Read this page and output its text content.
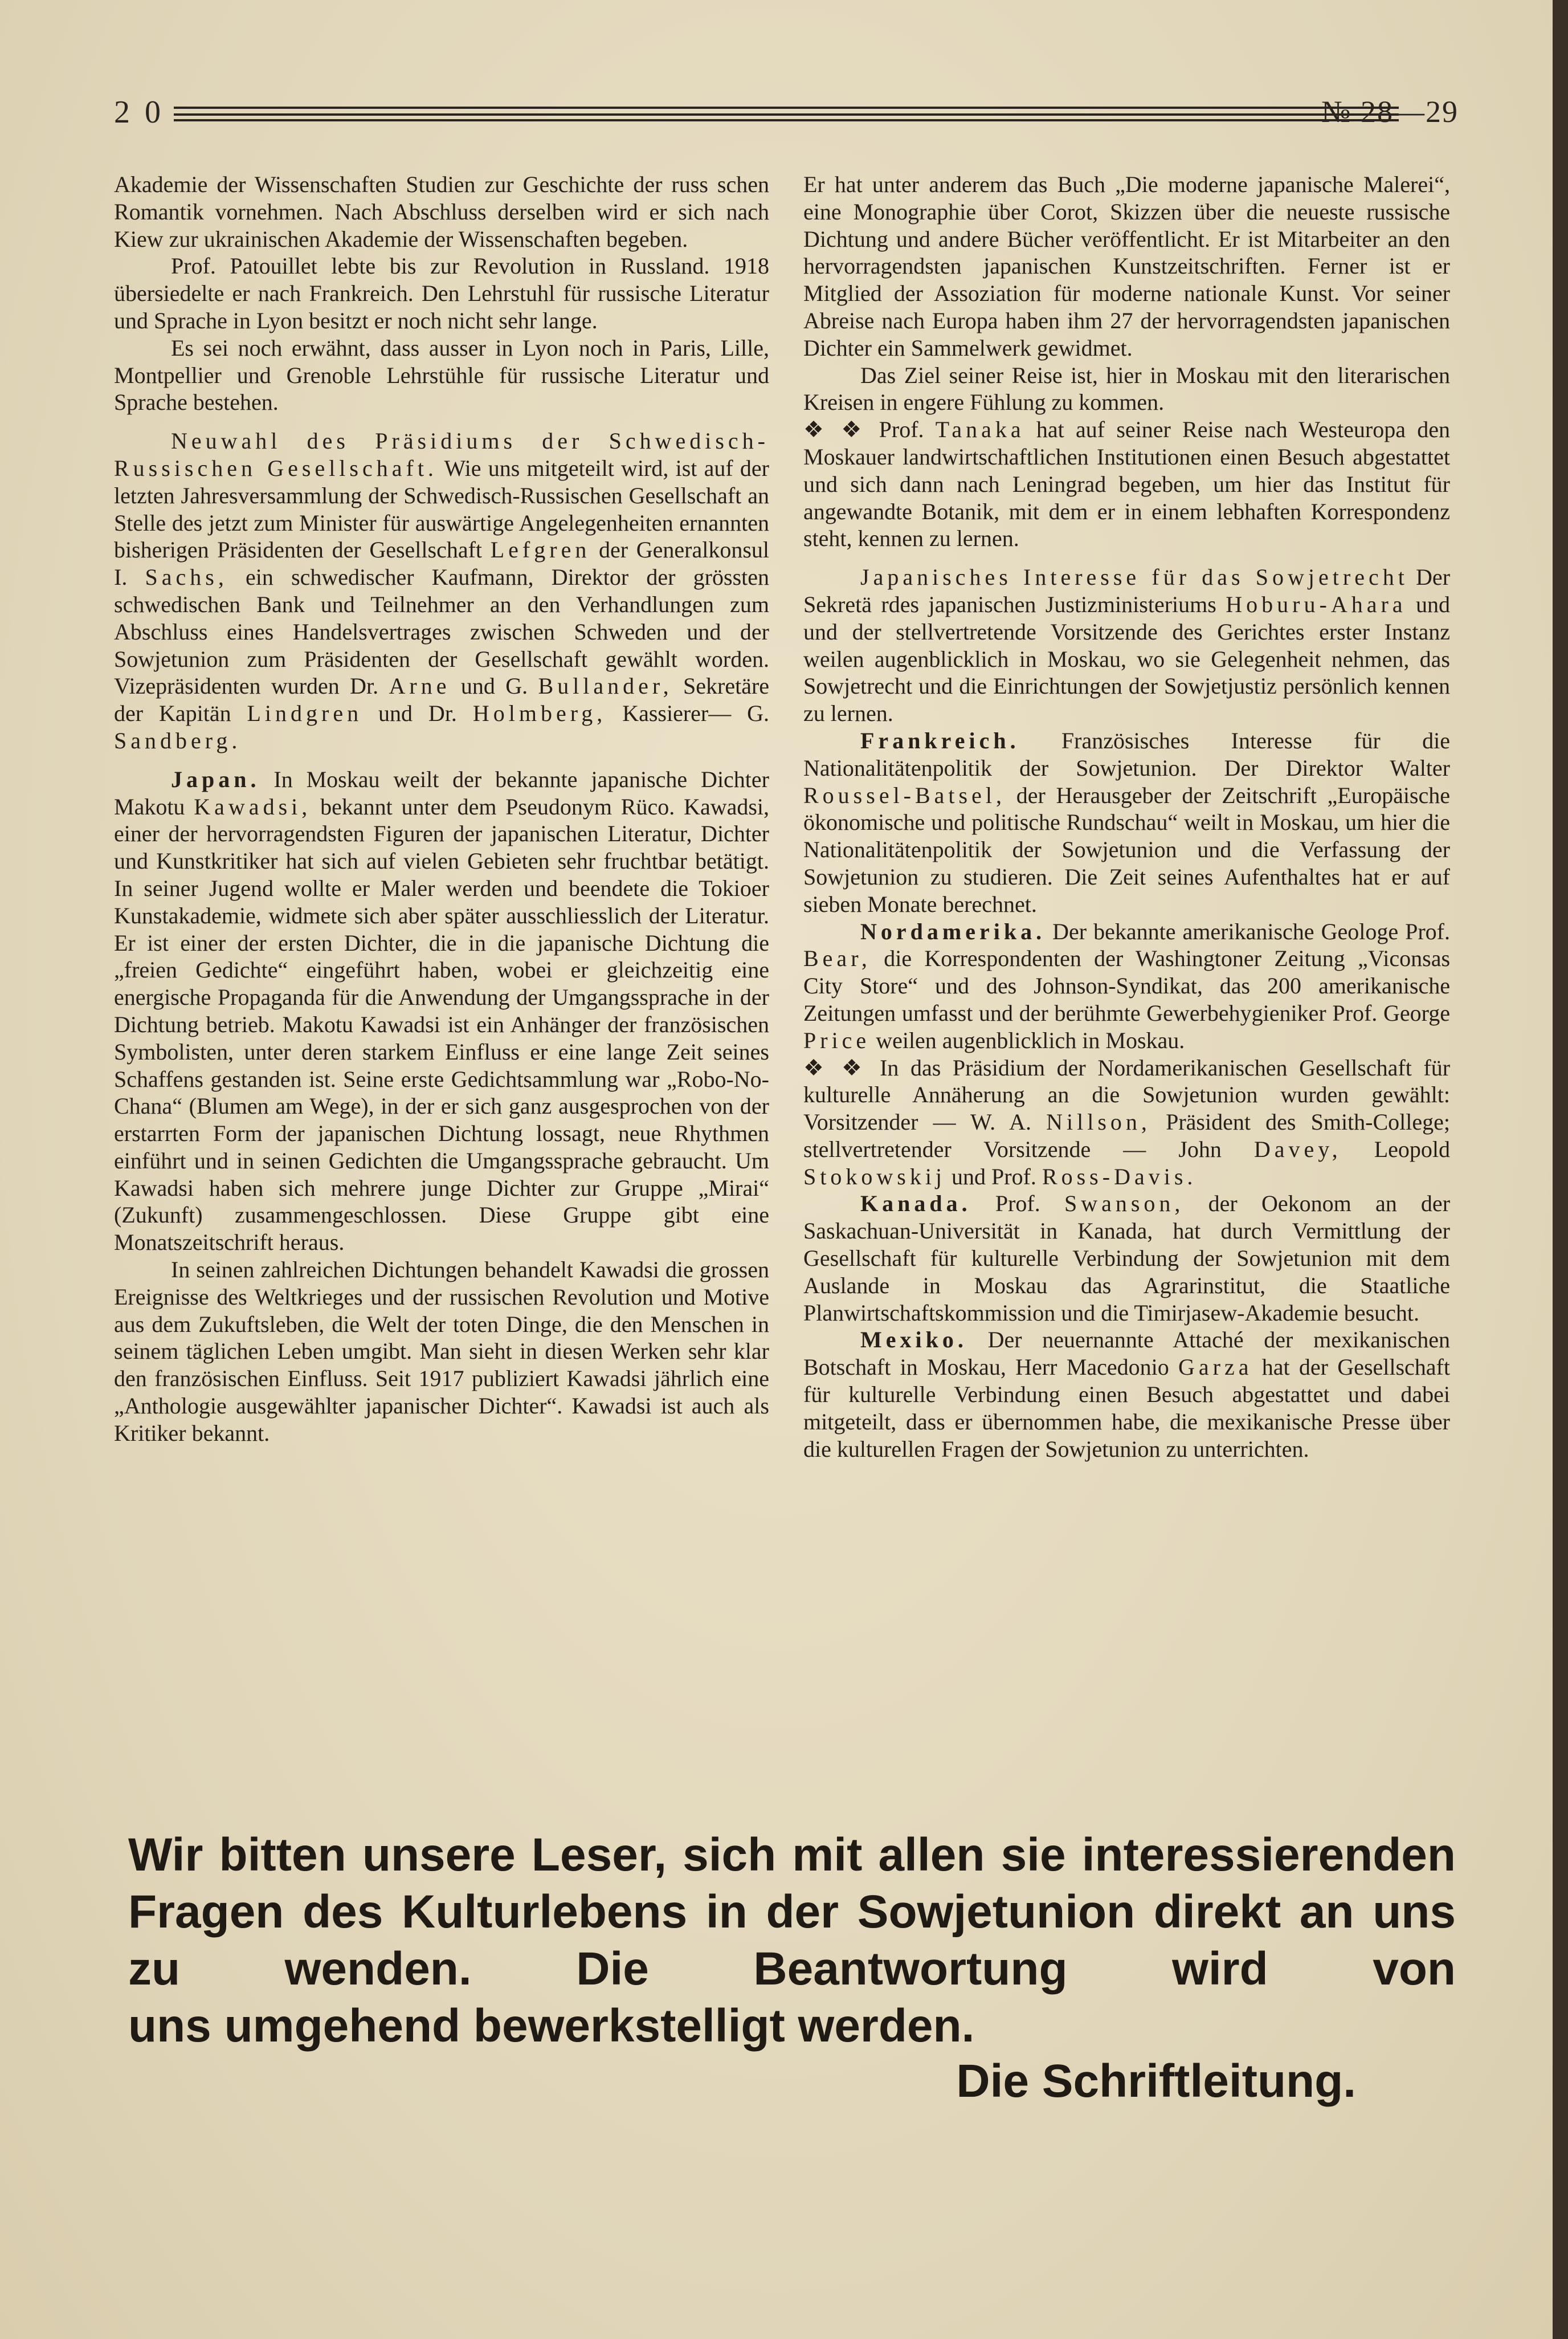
2 0	№ 28—29

Akademie der Wissenschaften Studien zur Geschichte der russ schen Romantik vornehmen. Nach Abschluss derselben wird er sich nach Kiew zur ukrainischen Akademie der Wissenschaften begeben.

Prof. Patouillet lebte bis zur Revolution in Russland. 1918 übersiedelte er nach Frankreich. Den Lehrstuhl für russische Literatur und Sprache in Lyon besitzt er noch nicht sehr lange.

Es sei noch erwähnt, dass ausser in Lyon noch in Paris, Lille, Montpellier und Grenoble Lehrstühle für russische Literatur und Sprache bestehen.

Neuwahl des Präsidiums der Schwedisch-Russischen Gesellschaft. Wie uns mitgeteilt wird, ist auf der letzten Jahresversammlung der Schwedisch-Russischen Gesellschaft an Stelle des jetzt zum Minister für auswärtige Angelegenheiten ernannten bisherigen Präsidenten der Gesellschaft Lefgren der Generalkonsul I. Sachs, ein schwedischer Kaufmann, Direktor der grössten schwedischen Bank und Teilnehmer an den Verhandlungen zum Abschluss eines Handelsvertrages zwischen Schweden und der Sowjetunion zum Präsidenten der Gesellschaft gewählt worden. Vizepräsidenten wurden Dr. Arne und G. Bullander, Sekretäre der Kapitän Lindgren und Dr. Holmberg, Kassierer— G. Sandberg.

Japan. In Moskau weilt der bekannte japanische Dichter Makotu Kawadsi, bekannt unter dem Pseudonym Rüco. Kawadsi, einer der hervorragendsten Figuren der japanischen Literatur, Dichter und Kunstkritiker hat sich auf vielen Gebieten sehr fruchtbar betätigt. In seiner Jugend wollte er Maler werden und beendete die Tokioer Kunstakademie, widmete sich aber später ausschliesslich der Literatur. Er ist einer der ersten Dichter, die in die japanische Dichtung die „freien Gedichte“ eingeführt haben, wobei er gleichzeitig eine energische Propaganda für die Anwendung der Umgangssprache in der Dichtung betrieb. Makotu Kawadsi ist ein Anhänger der französischen Symbolisten, unter deren starkem Einfluss er eine lange Zeit seines Schaffens gestanden ist. Seine erste Gedichtsammlung war „Robo-No-Chana“ (Blumen am Wege), in der er sich ganz ausgesprochen von der erstarrten Form der japanischen Dichtung lossagt, neue Rhythmen einführt und in seinen Gedichten die Umgangssprache gebraucht. Um Kawadsi haben sich mehrere junge Dichter zur Gruppe „Mirai“ (Zukunft) zusammengeschlossen. Diese Gruppe gibt eine Monatszeitschrift heraus.

In seinen zahlreichen Dichtungen behandelt Kawadsi die grossen Ereignisse des Weltkrieges und der russischen Revolution und Motive aus dem Zukuftsleben, die Welt der toten Dinge, die den Menschen in seinem täglichen Leben umgibt. Man sieht in diesen Werken sehr klar den französischen Einfluss. Seit 1917 publiziert Kawadsi jährlich eine „Anthologie ausgewählter japanischer Dichter“. Kawadsi ist auch als Kritiker bekannt.

Er hat unter anderem das Buch „Die moderne japanische Malerei“, eine Monographie über Corot, Skizzen über die neueste russische Dichtung und andere Bücher veröffentlicht. Er ist Mitarbeiter an den hervorragendsten japanischen Kunstzeitschriften. Ferner ist er Mitglied der Assoziation für moderne nationale Kunst. Vor seiner Abreise nach Europa haben ihm 27 der hervorragendsten japanischen Dichter ein Sammelwerk gewidmet.

Das Ziel seiner Reise ist, hier in Moskau mit den literarischen Kreisen in engere Fühlung zu kommen.

❖ ❖ Prof. Tanaka hat auf seiner Reise nach Westeuropa den Moskauer landwirtschaftlichen Institutionen einen Besuch abgestattet und sich dann nach Leningrad begeben, um hier das Institut für angewandte Botanik, mit dem er in einem lebhaften Korrespondenz steht, kennen zu lernen.

Japanisches Interesse für das Sowjetrecht Der Sekretä rdes japanischen Justizministeriums Hoburu-Ahara und und der stellvertretende Vorsitzende des Gerichtes erster Instanz weilen augenblicklich in Moskau, wo sie Gelegenheit nehmen, das Sowjetrecht und die Einrichtungen der Sowjetjustiz persönlich kennen zu lernen.

Frankreich. Französisches Interesse für die Nationalitätenpolitik der Sowjetunion. Der Direktor Walter Roussel-Batsel, der Herausgeber der Zeitschrift „Europäische ökonomische und politische Rundschau“ weilt in Moskau, um hier die Nationalitätenpolitik der Sowjetunion und die Verfassung der Sowjetunion zu studieren. Die Zeit seines Aufenthaltes hat er auf sieben Monate berechnet.

Nordamerika. Der bekannte amerikanische Geologe Prof. Bear, die Korrespondenten der Washingtoner Zeitung „Viconsas City Store“ und des Johnson-Syndikat, das 200 amerikanische Zeitungen umfasst und der berühmte Gewerbehygieniker Prof. George Price weilen augenblicklich in Moskau.

❖ ❖ In das Präsidium der Nordamerikanischen Gesellschaft für kulturelle Annäherung an die Sowjetunion wurden gewählt: Vorsitzender — W. A. Nillson, Präsident des Smith-College; stellvertretender Vorsitzende — John Davey, Leopold Stokowskij und Prof. Ross-Davis.

Kanada. Prof. Swanson, der Oekonom an der Saskachuan-Universität in Kanada, hat durch Vermittlung der Gesellschaft für kulturelle Verbindung der Sowjetunion mit dem Auslande in Moskau das Agrarinstitut, die Staatliche Planwirtschaftskommission und die Timirjasew-Akademie besucht.

Mexiko. Der neuernannte Attaché der mexikanischen Botschaft in Moskau, Herr Macedonio Garza hat der Gesellschaft für kulturelle Verbindung einen Besuch abgestattet und dabei mitgeteilt, dass er übernommen habe, die mexikanische Presse über die kulturellen Fragen der Sowjetunion zu unterrichten.

Wir bitten unsere Leser, sich mit allen sie interessierenden Fragen des Kulturlebens in der Sowjetunion direkt an uns zu wenden. Die Beantwortung wird von
uns umgehend bewerkstelligt werden.
Die Schriftleitung.
